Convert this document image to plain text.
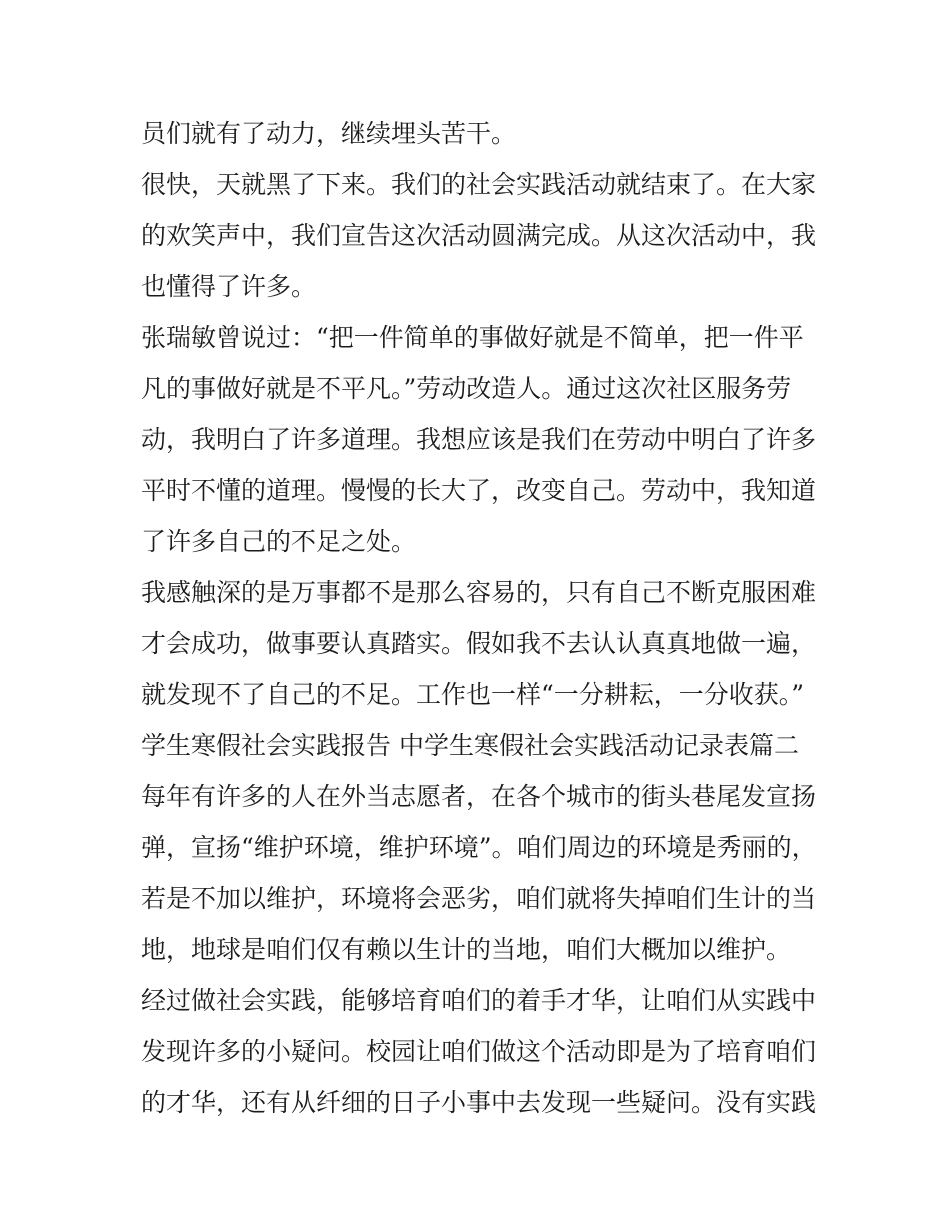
员们就有了动力，继续埋头苦干。
很快，天就黑了下来。我们的社会实践活动就结束了。在大家
的欢笑声中，我们宣告这次活动圆满完成。从这次活动中，我
也懂得了许多。
张瑞敏曾说过：“把一件简单的事做好就是不简单，把一件平
凡的事做好就是不平凡。”劳动改造人。通过这次社区服务劳
动，我明白了许多道理。我想应该是我们在劳动中明白了许多
平时不懂的道理。慢慢的长大了，改变自己。劳动中，我知道
了许多自己的不足之处。
我感触深的是万事都不是那么容易的，只有自己不断克服困难
才会成功，做事要认真踏实。假如我不去认认真真地做一遍，
就发现不了自己的不足。工作也一样“一分耕耘，一分收获。”
学生寒假社会实践报告 中学生寒假社会实践活动记录表篇二
每年有许多的人在外当志愿者，在各个城市的街头巷尾发宣扬
弹，宣扬“维护环境，维护环境”。咱们周边的环境是秀丽的，
若是不加以维护，环境将会恶劣，咱们就将失掉咱们生计的当
地，地球是咱们仅有赖以生计的当地，咱们大概加以维护。
经过做社会实践，能够培育咱们的着手才华，让咱们从实践中
发现许多的小疑问。校园让咱们做这个活动即是为了培育咱们
的才华，还有从纤细的日子小事中去发现一些疑问。没有实践
